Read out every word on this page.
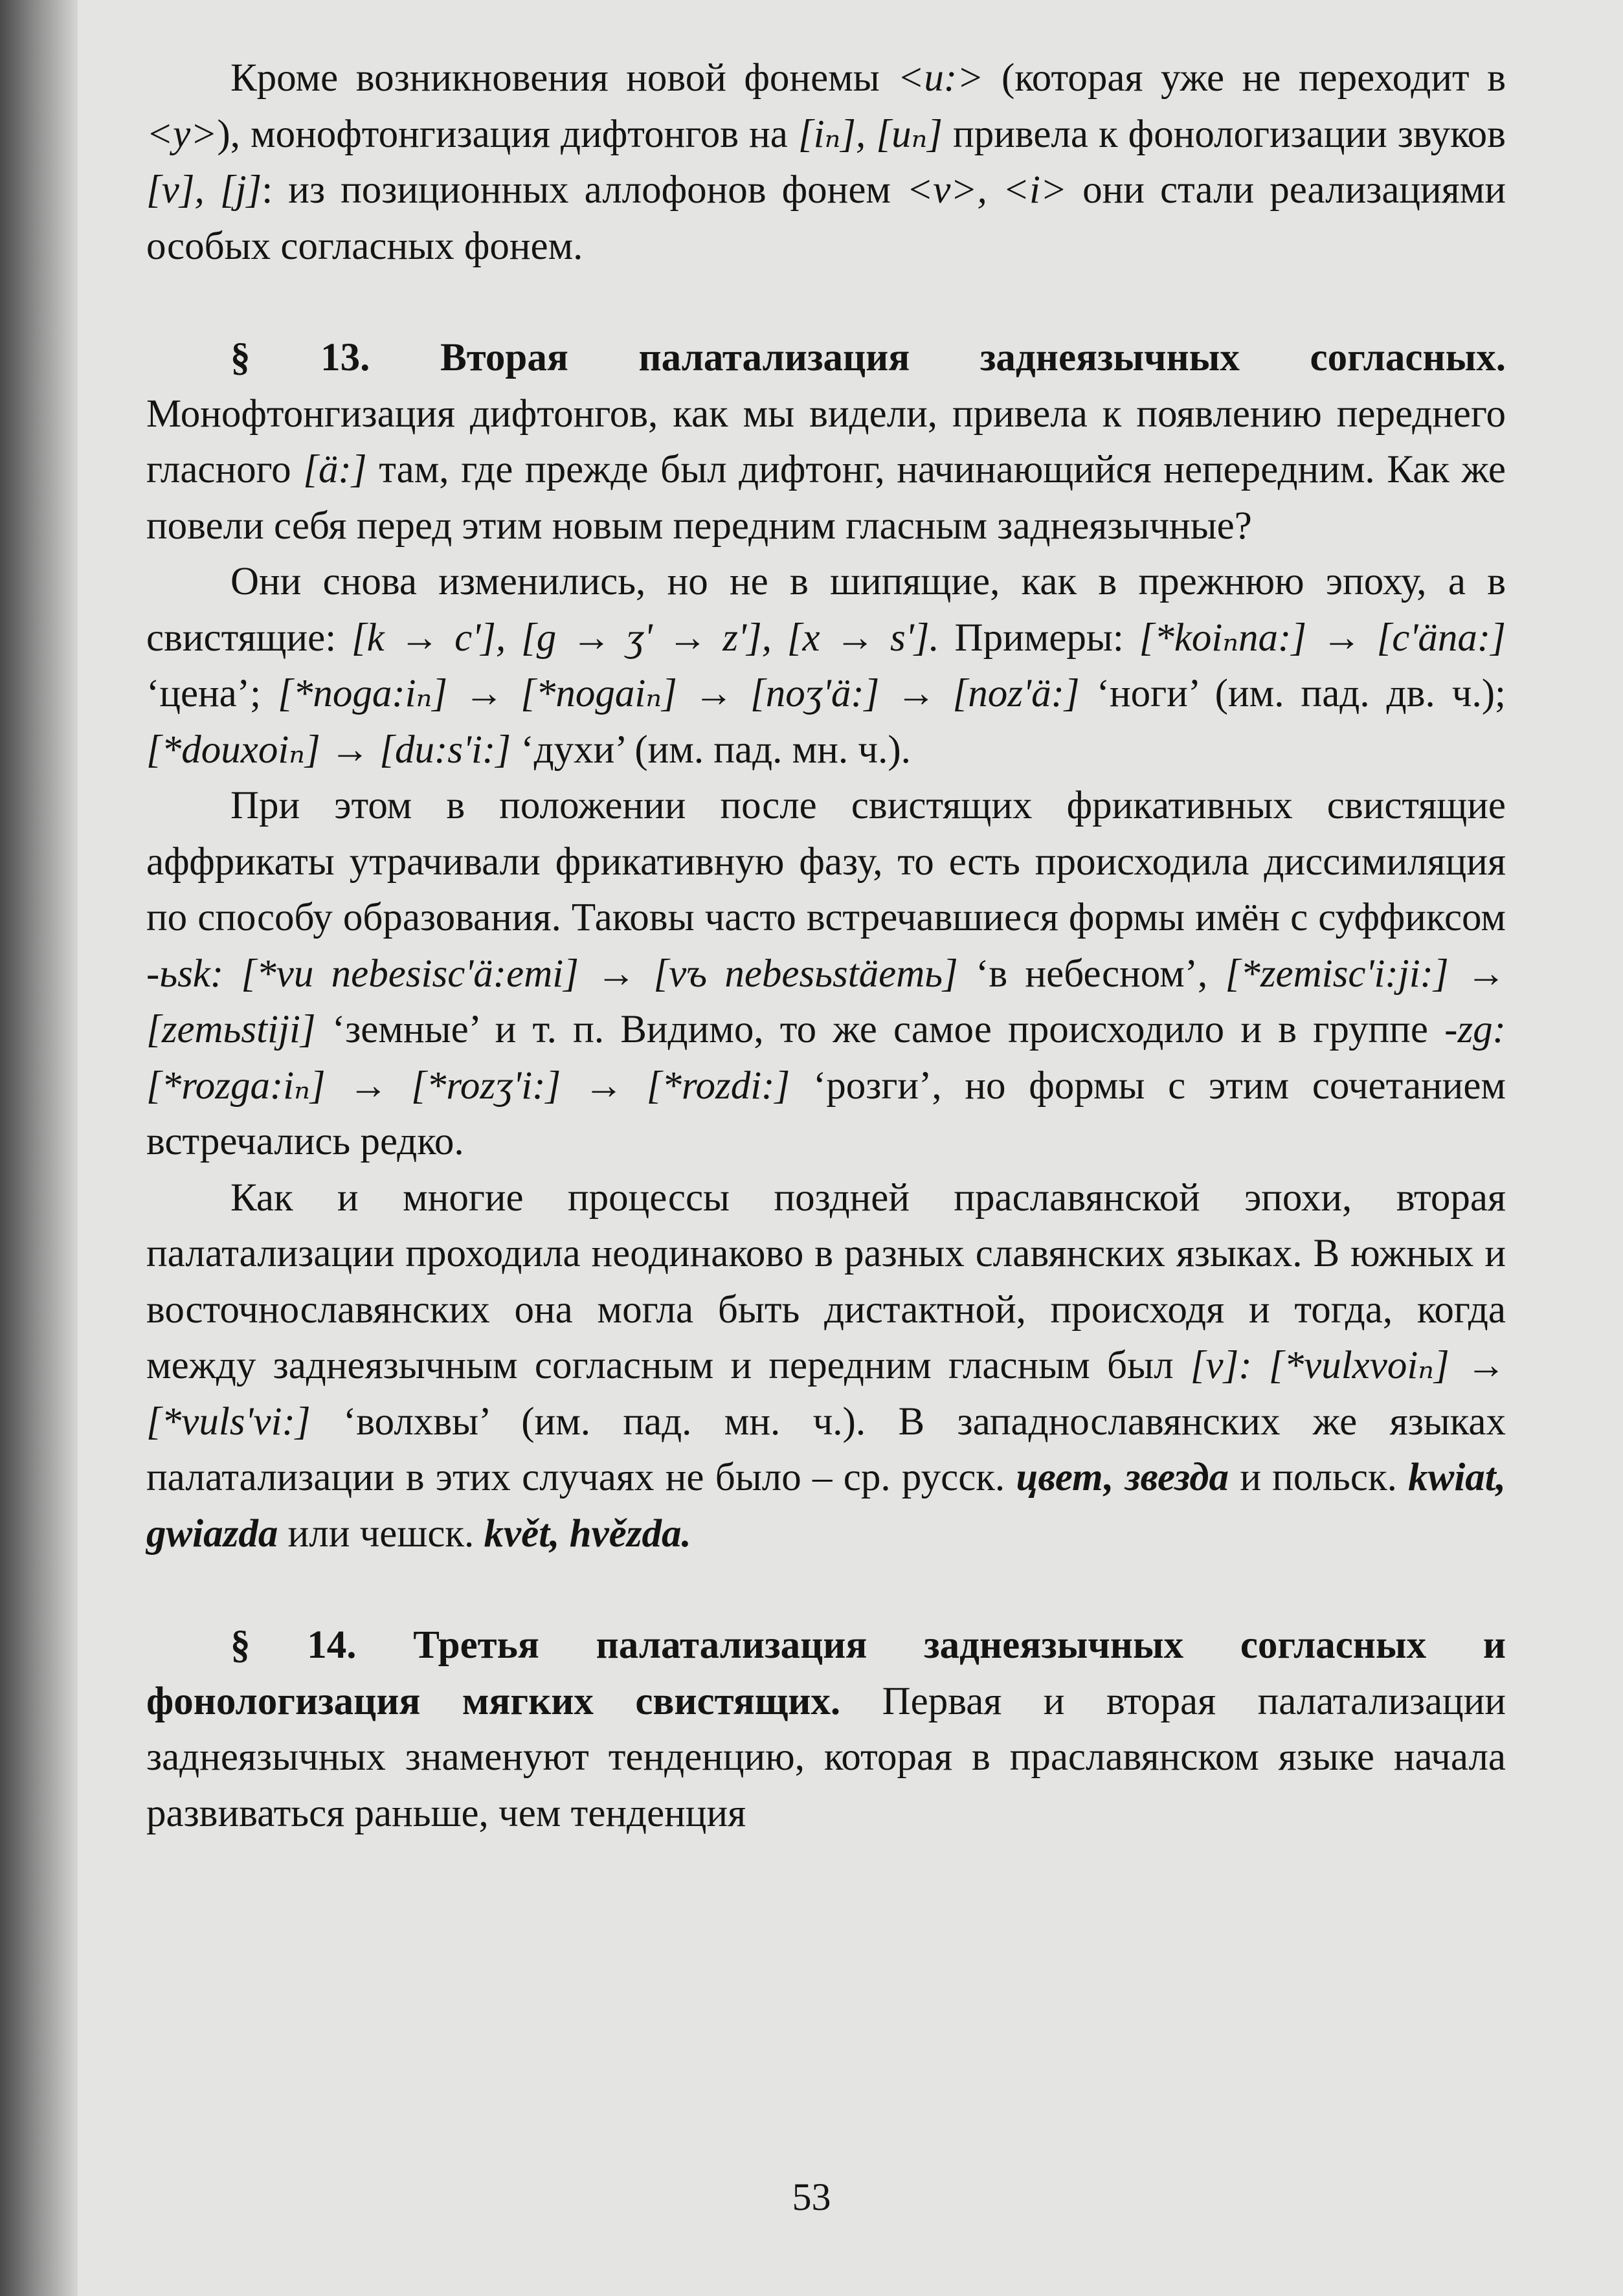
Кроме возникновения новой фонемы <u:> (которая уже не переходит в <y>), монофтонгизация дифтонгов на [iₙ], [uₙ] привела к фонологизации звуков [v], [j]: из позиционных аллофонов фонем <v>, <i> они стали реализациями особых согласных фонем.

§ 13. Вторая палатализация заднеязычных согласных. Монофтонгизация дифтонгов, как мы видели, привела к появлению переднего гласного [ä:] там, где прежде был дифтонг, начинающийся непередним. Как же повели себя перед этим новым передним гласным заднеязычные?

Они снова изменились, но не в шипящие, как в прежнюю эпоху, а в свистящие: [k → c'], [g → ʒ' → z'], [x → s']. Примеры: [*koiₙna:] → [c'äna:] ‘цена’; [*noga:iₙ] → [*nogaiₙ] → [noʒ'ä:] → [noz'ä:] ‘ноги’ (им. пад. дв. ч.); [*douxoiₙ] → [du:s'i:] ‘духи’ (им. пад. мн. ч.).

При этом в положении после свистящих фрикативных свистящие аффрикаты утрачивали фрикативную фазу, то есть происходила диссимиляция по способу образования. Таковы часто встречавшиеся формы имён с суффиксом -ьsk: [*vu nebesisc'ä:emi] → [vъ nebesьstäemь] ‘в небесном’, [*zemisc'i:ji:] → [zemьstiji] ‘земные’ и т. п. Видимо, то же самое происходило и в группе -zg: [*rozga:iₙ] → [*rozʒ'i:] → [*rozdi:] ‘розги’, но формы с этим сочетанием встречались редко.

Как и многие процессы поздней праславянской эпохи, вторая палатализации проходила неодинаково в разных славянских языках. В южных и восточнославянских она могла быть дистактной, происходя и тогда, когда между заднеязычным согласным и передним гласным был [v]: [*vulxvoiₙ] → [*vuls'vi:] ‘волхвы’ (им. пад. мн. ч.). В западнославянских же языках палатализации в этих случаях не было – ср. русск. цвет, звезда и польск. kwiat, gwiazda или чешск. květ, hvězda.

§ 14. Третья палатализация заднеязычных согласных и фонологизация мягких свистящих. Первая и вторая палатализации заднеязычных знаменуют тенденцию, которая в праславянском языке начала развиваться раньше, чем тенденция

53
